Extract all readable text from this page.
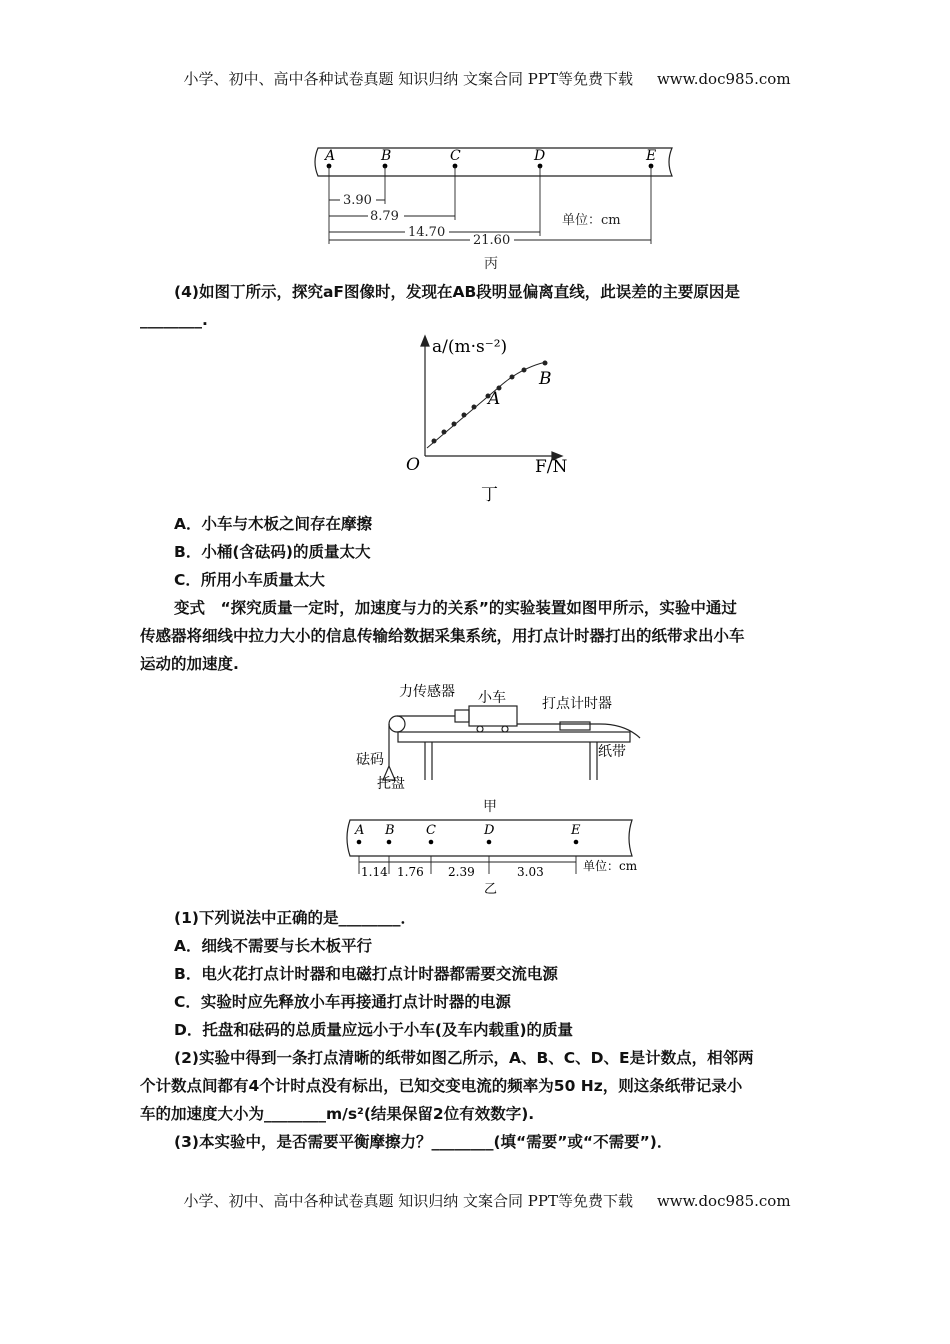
小学、初中、高中各种试卷真题 知识归纳 文案合同 PPT等免费下载 www.doc985.com
A	B	C	D	E
3.90
8.79
14.70
21.60
单位：cm
丙
(4)如图丁所示，探究aF图像时，发现在AB段明显偏离直线，此误差的主要原因是
________.
a/(m·s⁻²)
F/N
O
A
B
丁
A．小车与木板之间存在摩擦
B．小桶(含砝码)的质量太大
C．所用小车质量太大
变式　“探究质量一定时，加速度与力的关系”的实验装置如图甲所示，实验中通过
传感器将细线中拉力大小的信息传输给数据采集系统，用打点计时器打出的纸带求出小车
运动的加速度.
力传感器 小车	打点计时器
砝码	纸带
托盘
甲
A B C	D	E
1.14 1.76 2.39	3.03	单位：cm
乙
(1)下列说法中正确的是________．
A．细线不需要与长木板平行
B．电火花打点计时器和电磁打点计时器都需要交流电源
C．实验时应先释放小车再接通打点计时器的电源
D．托盘和砝码的总质量应远小于小车(及车内载重)的质量
(2)实验中得到一条打点清晰的纸带如图乙所示，A、B、C、D、E是计数点，相邻两
个计数点间都有4个计时点没有标出，已知交变电流的频率为50 Hz，则这条纸带记录小
车的加速度大小为________m/s²(结果保留2位有效数字).
(3)本实验中，是否需要平衡摩擦力？________(填“需要”或“不需要”)．
小学、初中、高中各种试卷真题 知识归纳 文案合同 PPT等免费下载 www.doc985.com
